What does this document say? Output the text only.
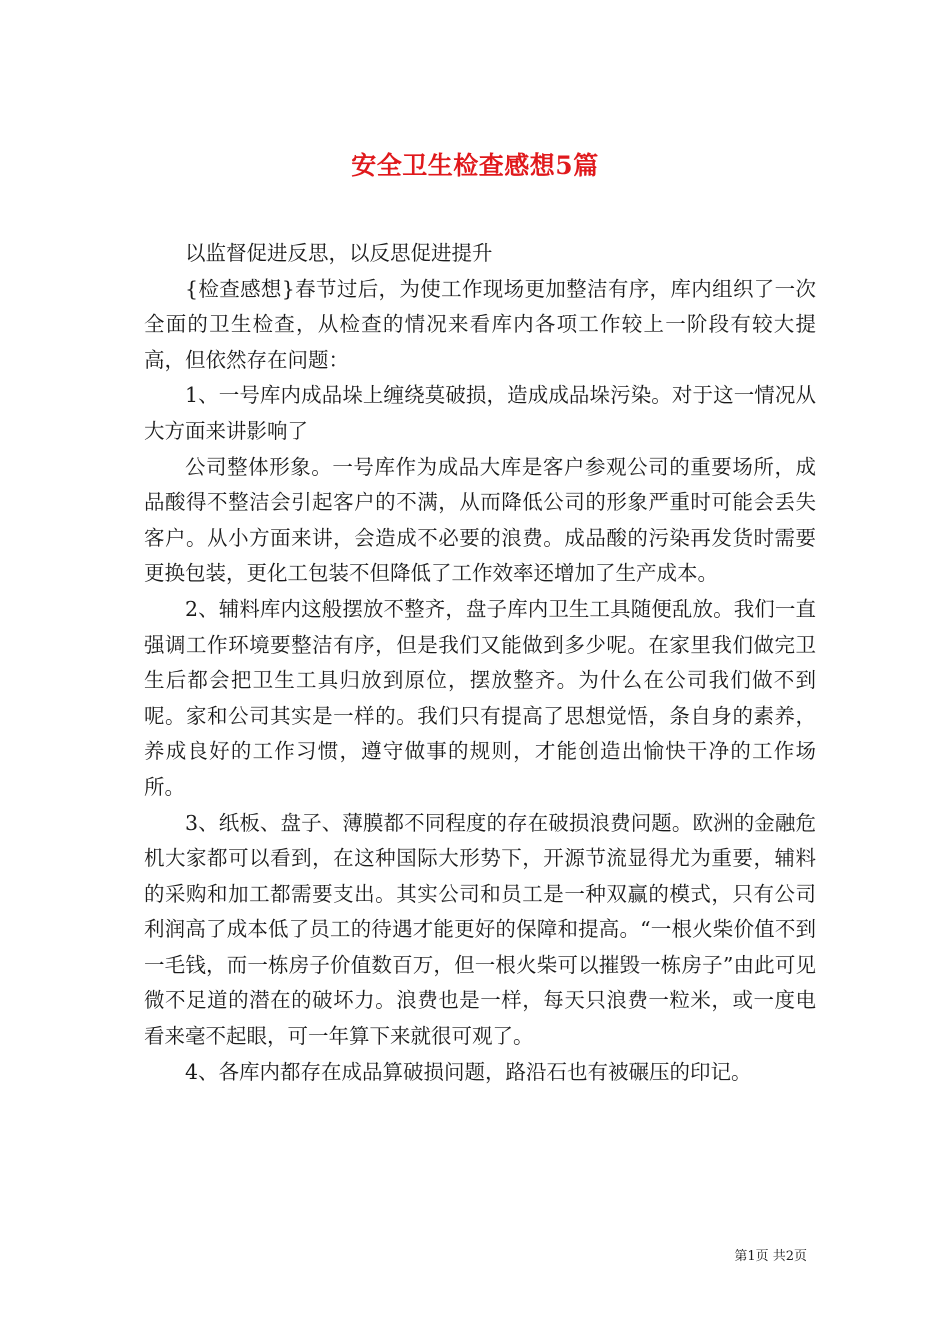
安全卫生检查感想5篇

以监督促进反思，以反思促进提升

{检查感想}春节过后，为使工作现场更加整洁有序，库内组织了一次全面的卫生检查，从检查的情况来看库内各项工作较上一阶段有较大提高，但依然存在问题：

1、一号库内成品垛上缠绕莫破损，造成成品垛污染。对于这一情况从大方面来讲影响了

公司整体形象。一号库作为成品大库是客户参观公司的重要场所，成品酸得不整洁会引起客户的不满，从而降低公司的形象严重时可能会丢失客户。从小方面来讲，会造成不必要的浪费。成品酸的污染再发货时需要更换包装，更化工包装不但降低了工作效率还增加了生产成本。

2、辅料库内这般摆放不整齐，盘子库内卫生工具随便乱放。我们一直强调工作环境要整洁有序，但是我们又能做到多少呢。在家里我们做完卫生后都会把卫生工具归放到原位，摆放整齐。为什么在公司我们做不到呢。家和公司其实是一样的。我们只有提高了思想觉悟，条自身的素养，养成良好的工作习惯，遵守做事的规则，才能创造出愉快干净的工作场所。

3、纸板、盘子、薄膜都不同程度的存在破损浪费问题。欧洲的金融危机大家都可以看到，在这种国际大形势下，开源节流显得尤为重要，辅料的采购和加工都需要支出。其实公司和员工是一种双赢的模式，只有公司利润高了成本低了员工的待遇才能更好的保障和提高。“一根火柴价值不到一毛钱，而一栋房子价值数百万，但一根火柴可以摧毁一栋房子”由此可见微不足道的潜在的破坏力。浪费也是一样，每天只浪费一粒米，或一度电看来毫不起眼，可一年算下来就很可观了。

4、各库内都存在成品算破损问题，路沿石也有被碾压的印记。

第1页 共2页
